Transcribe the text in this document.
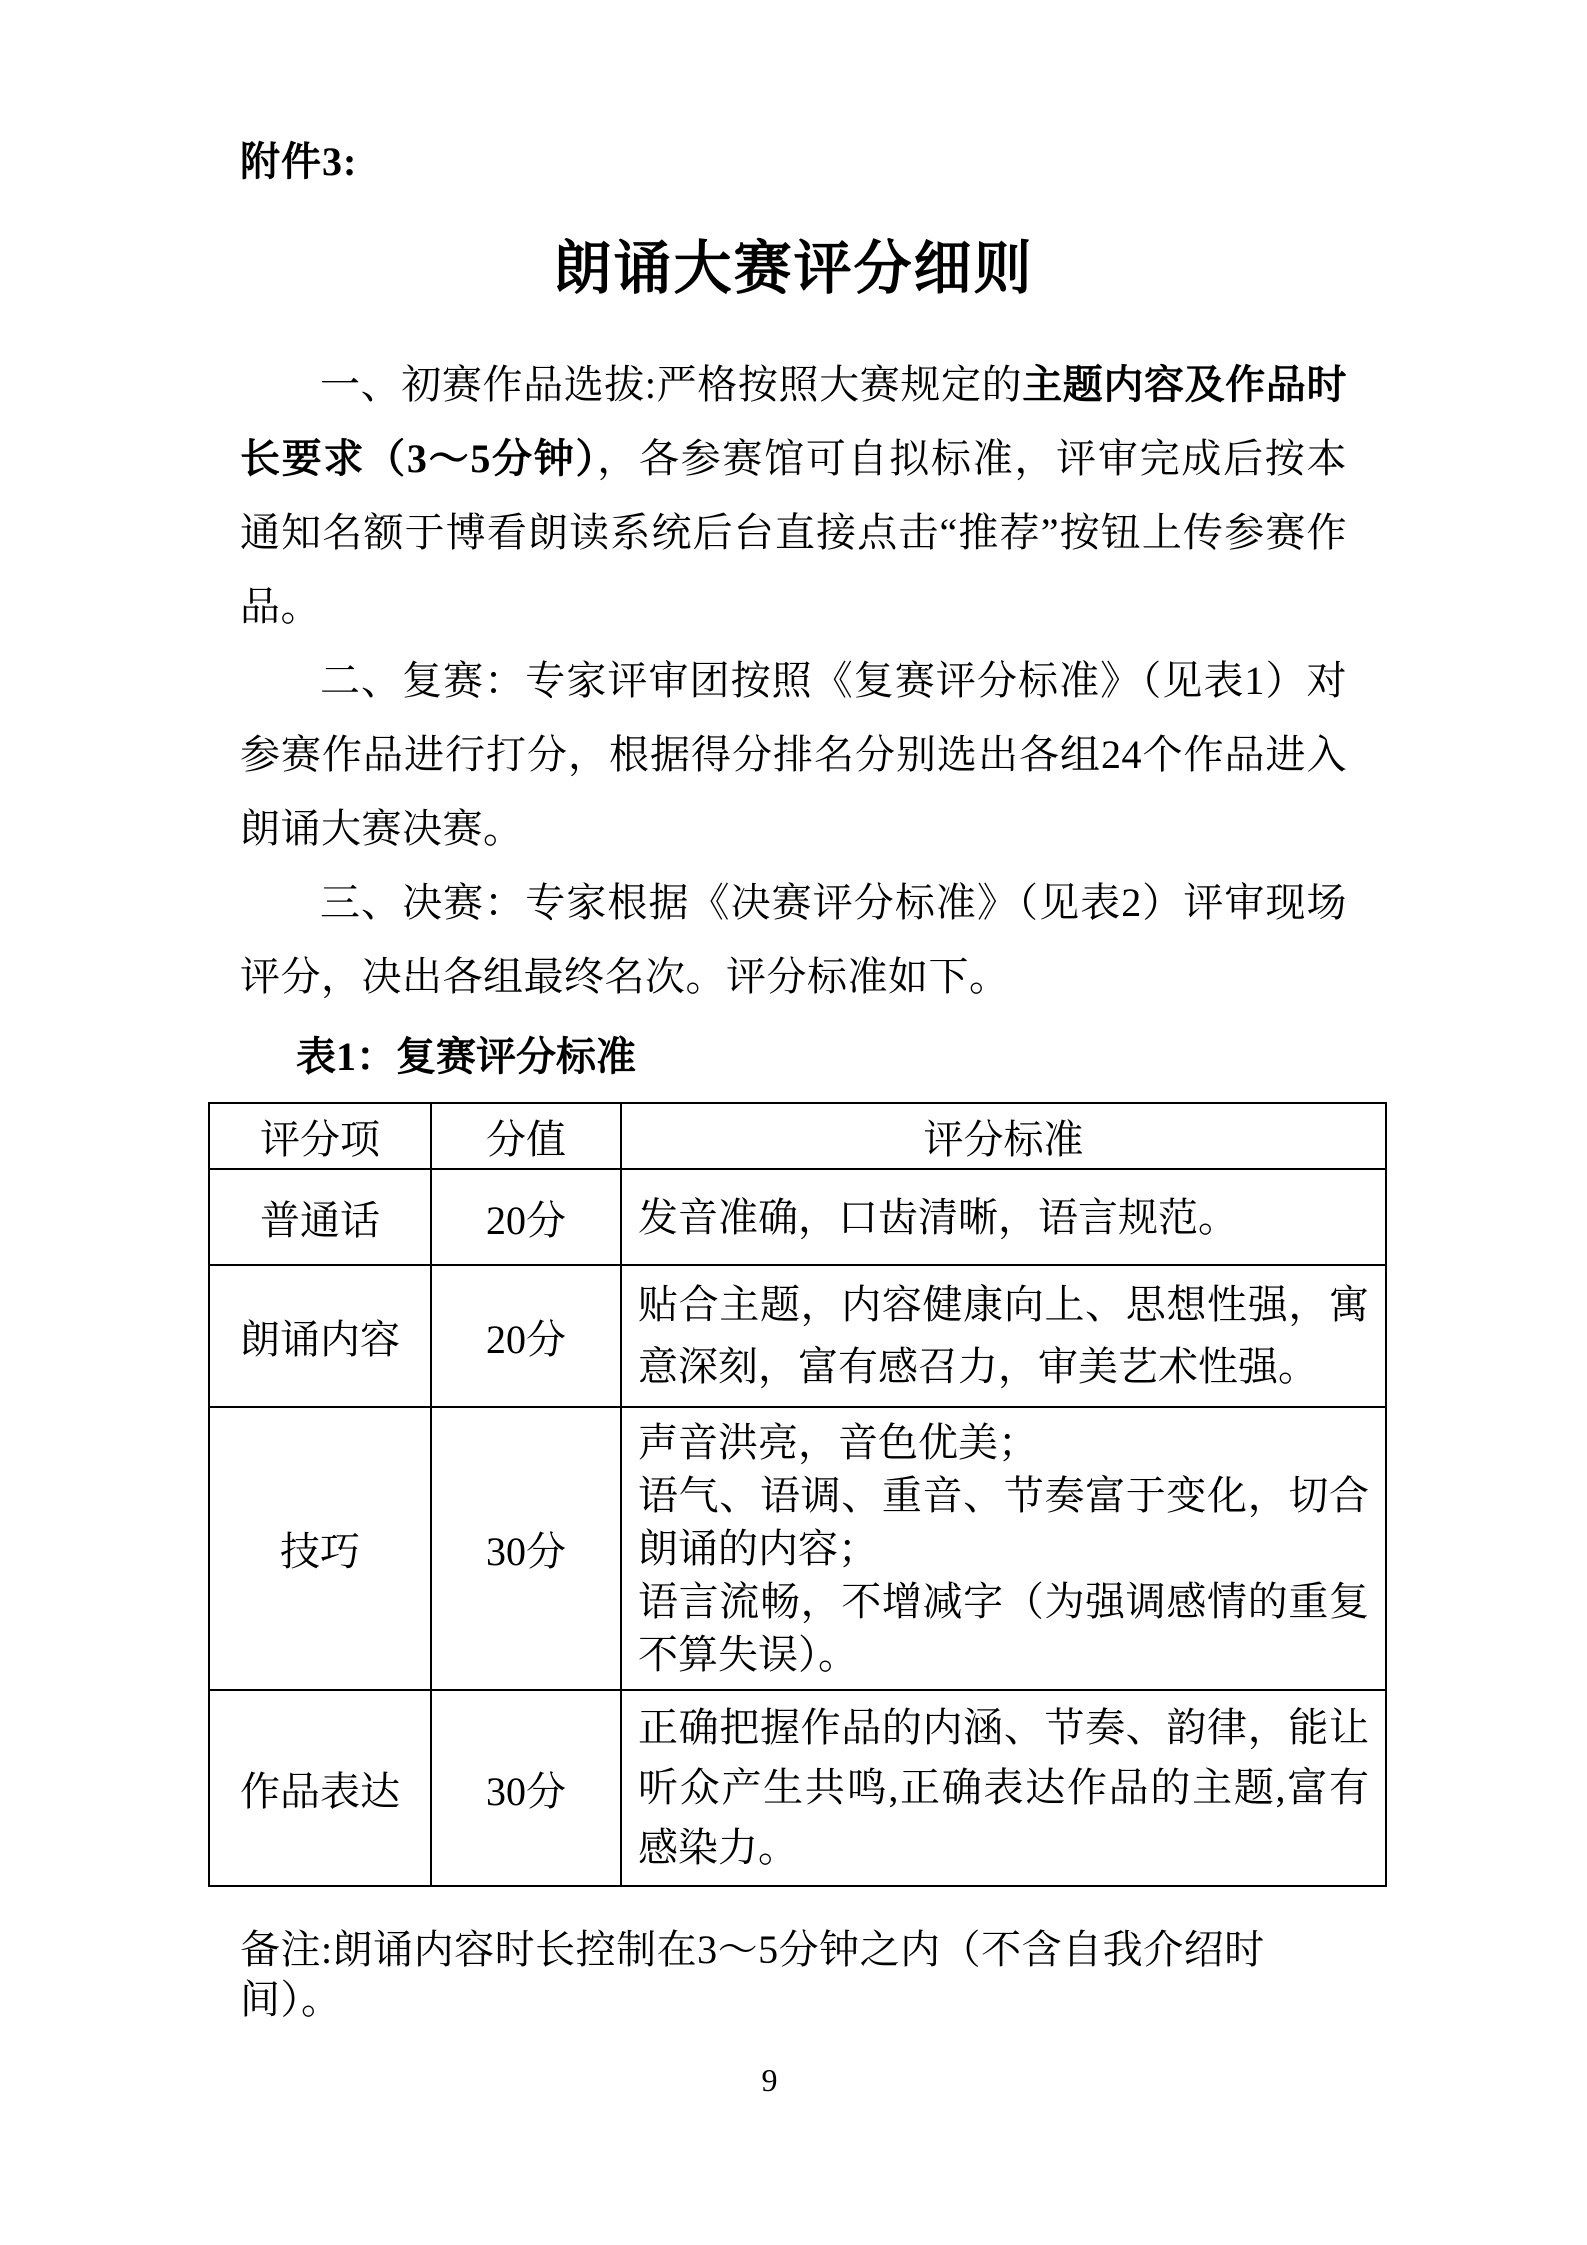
附件3:
朗诵大赛评分细则

一、初赛作品选拔:严格按照大赛规定的主题内容及作品时长要求（3～5分钟），各参赛馆可自拟标准，评审完成后按本通知名额于博看朗读系统后台直接点击“推荐”按钮上传参赛作品。

二、复赛：专家评审团按照《复赛评分标准》（见表1）对参赛作品进行打分，根据得分排名分别选出各组24个作品进入朗诵大赛决赛。

三、决赛：专家根据《决赛评分标准》（见表2）评审现场评分，决出各组最终名次。评分标准如下。

表1：复赛评分标准
评分项	分值	评分标准
普通话	20分	发音准确，口齿清晰，语言规范。

朗诵内容	20分	贴合主题，内容健康向上、思想性强，寓意深刻，富有感召力，审美艺术性强。

技巧	30分	声音洪亮，音色优美；
语气、语调、重音、节奏富于变化，切合朗诵的内容；
语言流畅，不增减字（为强调感情的重复不算失误）。

作品表达	30分	正确把握作品的内涵、节奏、韵律，能让听众产生共鸣,正确表达作品的主题,富有感染力。
备注:朗诵内容时长控制在3～5分钟之内（不含自我介绍时间）。
9
